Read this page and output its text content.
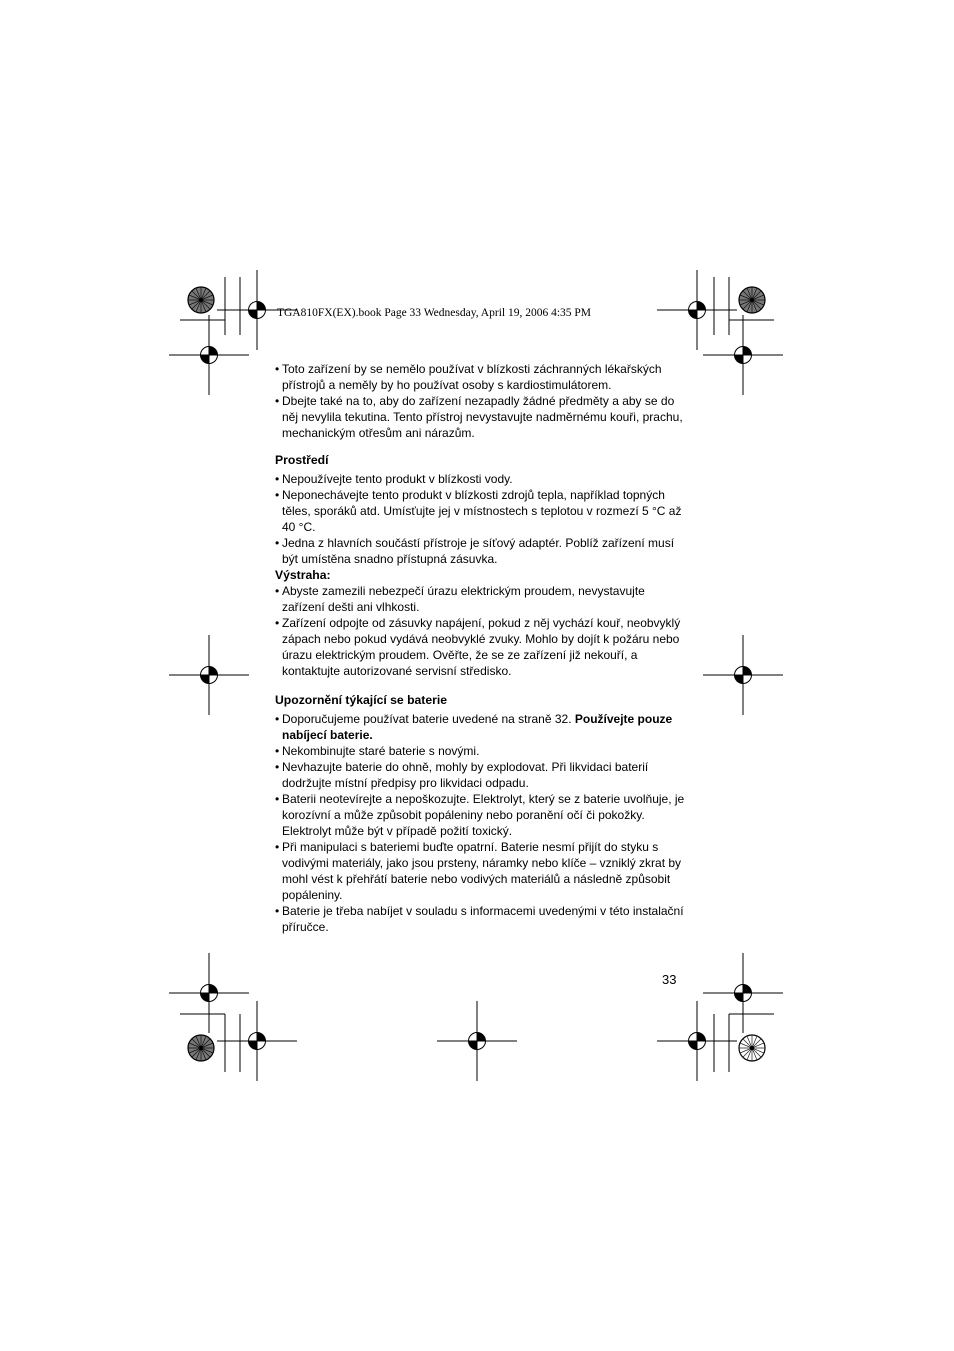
TGA810FX(EX).book Page 33 Wednesday, April 19, 2006 4:35 PM

• Toto zařízení by se nemělo používat v blízkosti záchranných lékařských přístrojů a neměly by ho používat osoby s kardiostimulátorem.

• Dbejte také na to, aby do zařízení nezapadly žádné předměty a aby se do něj nevylila tekutina. Tento přístroj nevystavujte nadměrnému kouři, prachu, mechanickým otřesům ani nárazům.

Prostředí

• Nepoužívejte tento produkt v blízkosti vody.

• Neponechávejte tento produkt v blízkosti zdrojů tepla, například topných těles, sporáků atd. Umísťujte jej v místnostech s teplotou v rozmezí 5 °C až 40 °C.

• Jedna z hlavních součástí přístroje je síťový adaptér. Poblíž zařízení musí být umístěna snadno přístupná zásuvka.

Výstraha:

• Abyste zamezili nebezpečí úrazu elektrickým proudem, nevystavujte zařízení dešti ani vlhkosti.

• Zařízení odpojte od zásuvky napájení, pokud z něj vychází kouř, neobvyklý zápach nebo pokud vydává neobvyklé zvuky. Mohlo by dojít k požáru nebo úrazu elektrickým proudem. Ověřte, že se ze zařízení již nekouří, a kontaktujte autorizované servisní středisko.

Upozornění týkající se baterie

• Doporučujeme používat baterie uvedené na straně 32. Používejte pouze nabíjecí baterie.

• Nekombinujte staré baterie s novými.

• Nevhazujte baterie do ohně, mohly by explodovat. Při likvidaci baterií dodržujte místní předpisy pro likvidaci odpadu.

• Baterii neotevírejte a nepoškozujte. Elektrolyt, který se z baterie uvolňuje, je korozívní a může způsobit popáleniny nebo poranění očí či pokožky. Elektrolyt může být v případě požití toxický.

• Při manipulaci s bateriemi buďte opatrní. Baterie nesmí přijít do styku s vodivými materiály, jako jsou prsteny, náramky nebo klíče – vzniklý zkrat by mohl vést k přehřátí baterie nebo vodivých materiálů a následně způsobit popáleniny.

• Baterie je třeba nabíjet v souladu s informacemi uvedenými v této instalační příručce.

33
